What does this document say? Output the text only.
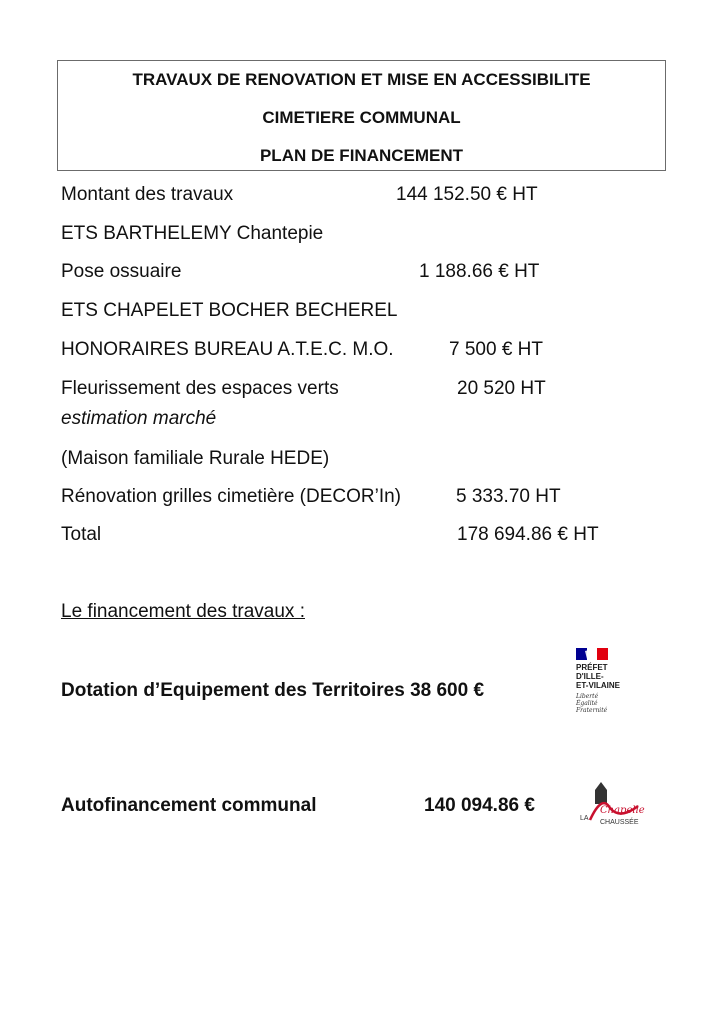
TRAVAUX DE RENOVATION ET MISE EN ACCESSIBILITE
CIMETIERE COMMUNAL
PLAN DE FINANCEMENT
Montant des travaux	144 152.50 € HT
ETS BARTHELEMY Chantepie
Pose ossuaire	1 188.66 € HT
ETS CHAPELET BOCHER BECHEREL
HONORAIRES BUREAU A.T.E.C. M.O.	7 500 € HT
Fleurissement des espaces verts	20 520 HT
estimation marché
(Maison familiale Rurale HEDE)
Rénovation grilles cimetière (DECOR’In)	5 333.70 HT
Total	178 694.86 € HT
Le financement des travaux :
Dotation d’Equipement des Territoires 38 600 €
Autofinancement communal	140 094.86 €
PRÉFET
D'ILLE-
ET-VILAINE
Liberté
Égalité
Fraternité
LA
Chapelle
CHAUSSÉE
